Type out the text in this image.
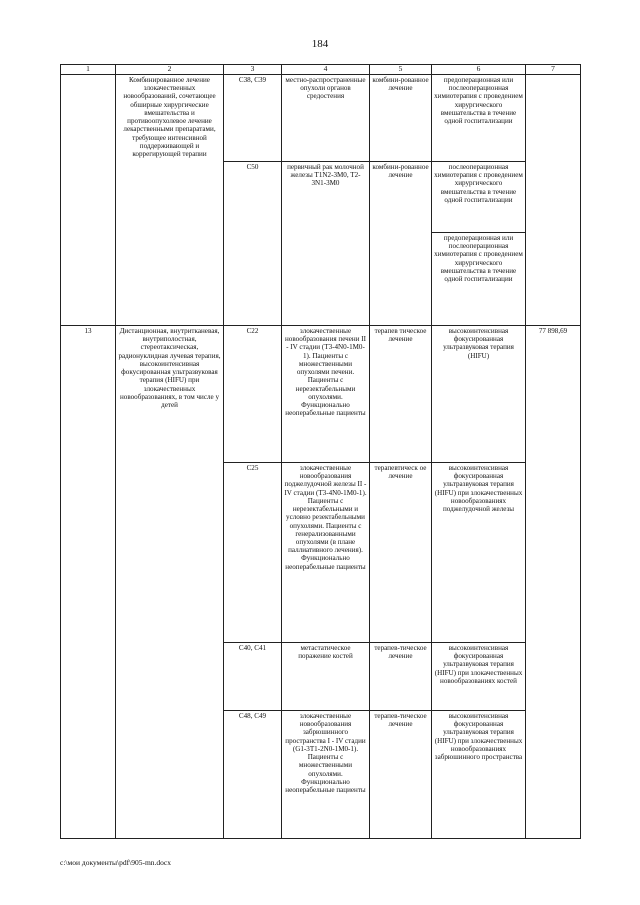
184
1	2	3	4	5	6	7
	Комбинированное лечение злокачественных новообразований, сочетающее обширные хирургические вмешательства и противоопухолевое лечение лекарственными препаратами, требующее интенсивной поддерживающей и коррегирующей терапии	C38, C39	местно-распространенные опухоли органов средостения	комбини-рованное лечение	предоперационная или послеоперационная химиотерапия с проведением хирургического вмешательства в течение одной госпитализации	
		C50	первичный рак молочной железы T1N2-3M0, T2-3N1-3M0	комбини-рованное лечение	послеоперационная химиотерапия с проведением хирургического вмешательства в течение одной госпитализации	
					предоперационная или послеоперационная химиотерапия с проведением хирургического вмешательства в течение одной госпитализации	
13	Дистанционная, внутритканевая, внутриполостная, стереотаксическая, радионуклидная лучевая терапия, высокоинтенсивная фокусированная ультразвуковая терапия (HIFU) при злокачественных новообразованиях, в том числе у детей	C22	злокачественные новообразования печени II - IV стадии (T3-4N0-1M0-1). Пациенты с множественными опухолями печени. Пациенты с нерезектабельными опухолями. Функционально неоперабельные пациенты	терапев тическое лечение	высокоинтенсивная фокусированная ультразвуковая терапия (HIFU)	77 898,69
		C25	злокачественные новообразования поджелудочной железы II - IV стадии (T3-4N0-1M0-1). Пациенты с нерезектабельными и условно резектабельными опухолями. Пациенты с генерализованными опухолями (в плане паллиативного лечения). Функционально неоперабельные пациенты	терапевтическ ое лечение	высокоинтенсивная фокусированная ультразвуковая терапия (HIFU) при злокачественных новообразованиях поджелудочной железы	
		C40, C41	метастатическое поражение костей	терапев-тическое лечение	высокоинтенсивная фокусированная ультразвуковая терапия (HIFU) при злокачественных новообразованиях костей	
		C48, C49	злокачественные новообразования забрюшинного пространства I - IV стадии (G1-3T1-2N0-1M0-1). Пациенты с множественными опухолями. Функционально неоперабельные пациенты	терапев-тическое лечение	высокоинтенсивная фокусированная ультразвуковая терапия (HIFU) при злокачественных новообразованиях забрюшинного пространства	
c:\мои документы\pdf\905-mn.docx
